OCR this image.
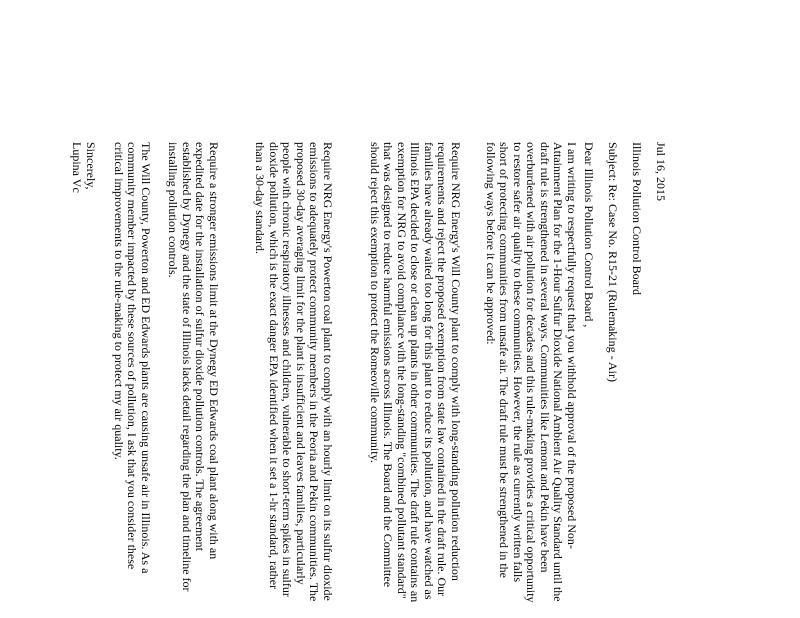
Jul 16, 2015
Illinois Pollution Control Board
Subject: Re: Case No. R15-21 (Rulemaking - Air)
Dear Illinois Pollution Control Board ,
I am writing to respectfully request that you withhold approval of the proposed Non- Attainment Plan for the 1-Hour Sulfur Dioxide National Ambient Air Quality Standard until the draft rule is strengthened in several ways. Communities like Lemont and Pekin have been overburdened with air pollution for decades and this rule-making provides a critical opportunity to restore safer air quality to these communities. However, the rule as currently written falls short of protecting communities from unsafe air. The draft rule must be strengthened in the following ways before it can be approved:
Require NRG Energy's Will County plant to comply with long-standing pollution reduction requirements and reject the proposed exemption from state law contained in the draft rule. Our families have already waited too long for this plant to reduce its pollution, and have watched as Illinois EPA decided to close or clean up plants in other communities. The draft rule contains an exemption for NRG to avoid compliance with the long-standing "combined pollutant standard" that was designed to reduce harmful emissions across Illinois. The Board and the Committee should reject this exemption to protect the Romeoville community.
Require NRG Energy's Powerton coal plant to comply with an hourly limit on its sulfur dioxide emissions to adequately protect community members in the Peoria and Pekin communities. The proposed 30-day averaging limit for the plant is insufficient and leaves families, particularly people with chronic respiratory illnesses and children, vulnerable to short-term spikes in sulfur dioxide pollution, which is the exact danger EPA identified when it set a 1-hr standard, rather than a 30-day standard.
Require a stronger emissions limit at the Dynegy ED Edwards coal plant along with an expedited date for the installation of sulfur dioxide pollution controls. The agreement established by Dynegy and the state of Illinois lacks detail regarding the plan and timeline for installing pollution controls.
The Will County, Powerton and ED Edwards plants are causing unsafe air in Illinois. As a community member impacted by these sources of pollution, I ask that you consider these critical improvements to the rule-making to protect my air quality.
Sincerely,
Lupina Vc
